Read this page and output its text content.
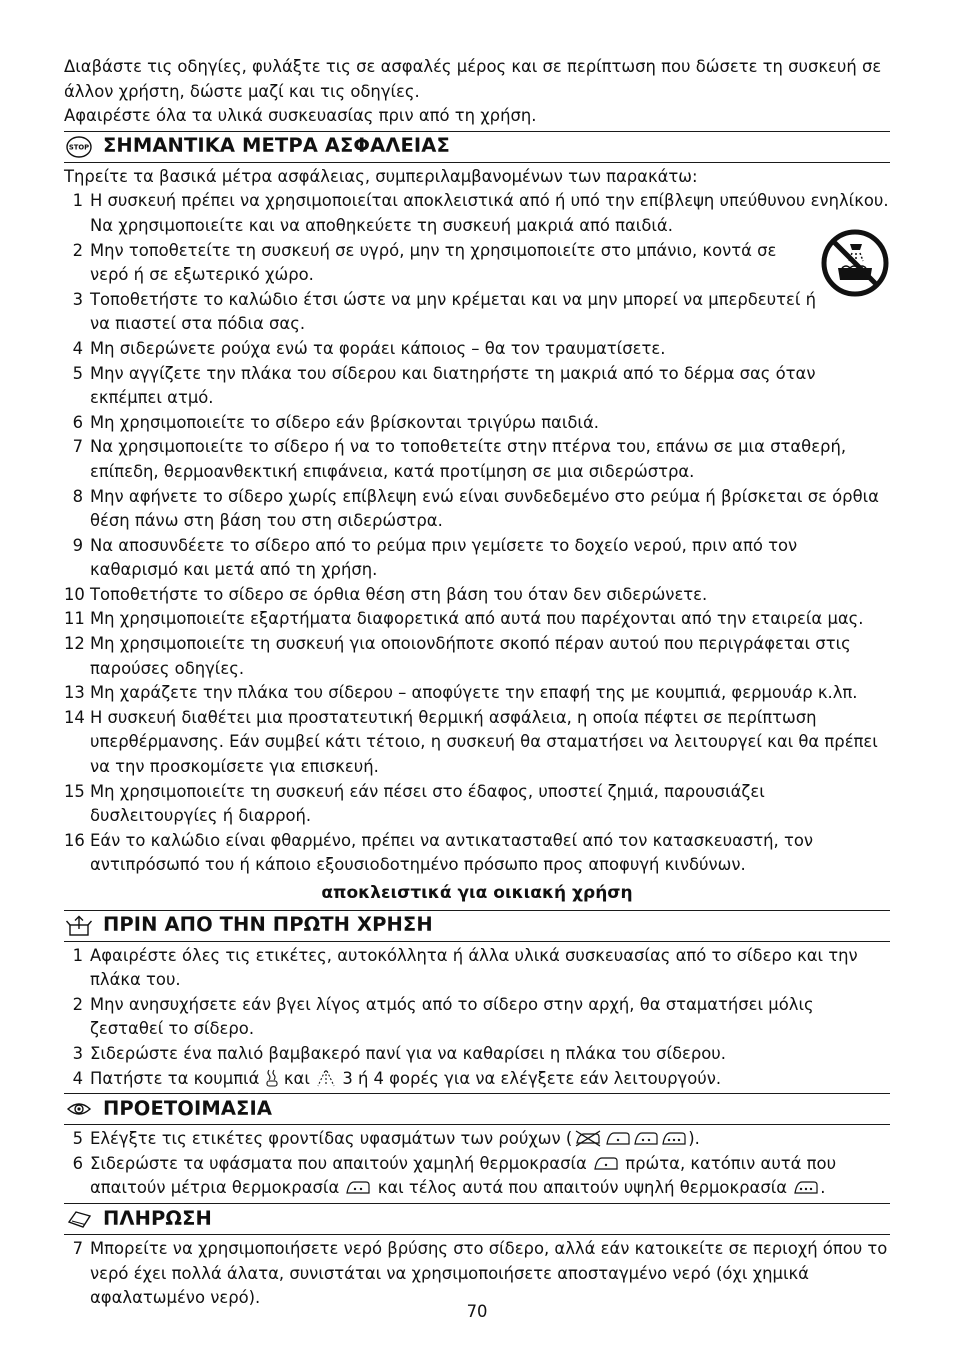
Διαβάστε τις οδηγίες, φυλάξτε τις σε ασφαλές μέρος και σε περίπτωση που δώσετε τη συσκευή σε άλλον χρήστη, δώστε μαζί και τις οδηγίες.

Αφαιρέστε όλα τα υλικά συσκευασίας πριν από τη χρήση.

STOP ΣΗΜΑΝΤΙΚΑ ΜΕΤΡΑ ΑΣΦΑΛΕΙΑΣ

Τηρείτε τα βασικά μέτρα ασφάλειας, συμπεριλαμβανομένων των παρακάτω:

1 Η συσκευή πρέπει να χρησιμοποιείται αποκλειστικά από ή υπό την επίβλεψη υπεύθυνου ενηλίκου. Να χρησιμοποιείτε και να αποθηκεύετε τη συσκευή μακριά από παιδιά.
2 Μην τοποθετείτε τη συσκευή σε υγρό, μην τη χρησιμοποιείτε στο μπάνιο, κοντά σε νερό ή σε εξωτερικό χώρο.
3 Τοποθετήστε το καλώδιο έτσι ώστε να μην κρέμεται και να μην μπορεί να μπερδευτεί ή να πιαστεί στα πόδια σας.
4 Μη σιδερώνετε ρούχα ενώ τα φοράει κάποιος – θα τον τραυματίσετε.
5 Μην αγγίζετε την πλάκα του σίδερου και διατηρήστε τη μακριά από το δέρμα σας όταν εκπέμπει ατμό.
6 Μη χρησιμοποιείτε το σίδερο εάν βρίσκονται τριγύρω παιδιά.
7 Να χρησιμοποιείτε το σίδερο ή να το τοποθετείτε στην πτέρνα του, επάνω σε μια σταθερή, επίπεδη, θερμοανθεκτική επιφάνεια, κατά προτίμηση σε μια σιδερώστρα.
8 Μην αφήνετε το σίδερο χωρίς επίβλεψη ενώ είναι συνδεδεμένο στο ρεύμα ή βρίσκεται σε όρθια θέση πάνω στη βάση του στη σιδερώστρα.
9 Να αποσυνδέετε το σίδερο από το ρεύμα πριν γεμίσετε το δοχείο νερού, πριν από τον καθαρισμό και μετά από τη χρήση.
10 Τοποθετήστε το σίδερο σε όρθια θέση στη βάση του όταν δεν σιδερώνετε.
11 Μη χρησιμοποιείτε εξαρτήματα διαφορετικά από αυτά που παρέχονται από την εταιρεία μας.
12 Μη χρησιμοποιείτε τη συσκευή για οποιονδήποτε σκοπό πέραν αυτού που περιγράφεται στις παρούσες οδηγίες.
13 Μη χαράζετε την πλάκα του σίδερου – αποφύγετε την επαφή της με κουμπιά, φερμουάρ κ.λπ.
14 Η συσκευή διαθέτει μια προστατευτική θερμική ασφάλεια, η οποία πέφτει σε περίπτωση υπερθέρμανσης. Εάν συμβεί κάτι τέτοιο, η συσκευή θα σταματήσει να λειτουργεί και θα πρέπει να την προσκομίσετε για επισκευή.
15 Μη χρησιμοποιείτε τη συσκευή εάν πέσει στο έδαφος, υποστεί ζημιά, παρουσιάζει δυσλειτουργίες ή διαρροή.
16 Εάν το καλώδιο είναι φθαρμένο, πρέπει να αντικατασταθεί από τον κατασκευαστή, τον αντιπρόσωπό του ή κάποιο εξουσιοδοτημένο πρόσωπο προς αποφυγή κινδύνων.

αποκλειστικά για οικιακή χρήση

ΠΡΙΝ ΑΠΟ ΤΗΝ ΠΡΩΤΗ ΧΡΗΣΗ
1 Αφαιρέστε όλες τις ετικέτες, αυτοκόλλητα ή άλλα υλικά συσκευασίας από το σίδερο και την πλάκα του.
2 Μην ανησυχήσετε εάν βγει λίγος ατμός από το σίδερο στην αρχή, θα σταματήσει μόλις ζεσταθεί το σίδερο.
3 Σιδερώστε ένα παλιό βαμβακερό πανί για να καθαρίσει η πλάκα του σίδερου.
4 Πατήστε τα κουμπιά και 3 ή 4 φορές για να ελέγξετε εάν λειτουργούν.
ΠΡΟΕΤΟΙΜΑΣΙΑ
5 Ελέγξτε τις ετικέτες φροντίδας υφασμάτων των ρούχων (	).
6 Σιδερώστε τα υφάσματα που απαιτούν χαμηλή θερμοκρασία πρώτα, κατόπιν αυτά που απαιτούν μέτρια θερμοκρασία και τέλος αυτά που απαιτούν υψηλή θερμοκρασία .
ΠΛΗΡΩΣΗ
7 Μπορείτε να χρησιμοποιήσετε νερό βρύσης στο σίδερο, αλλά εάν κατοικείτε σε περιοχή όπου το νερό έχει πολλά άλατα, συνιστάται να χρησιμοποιήσετε αποσταγμένο νερό (όχι χημικά αφαλατωμένο νερό).
70
